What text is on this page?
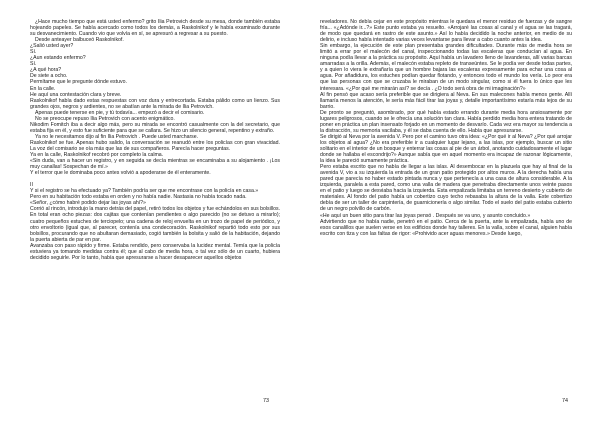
¿Hace mucho tiempo que está usted enfermo? grito Ilia Petrovich desde su mesa, donde también estaba hojeando papeles. Se había acercado como todos los demás, a Raskolnikof y le había examinado durante su desvanecimiento. Cuando vio que volvía en sí, se apresuró a regresar a su puesto.

Desde anteayer balbuceó Raskolnikof.

¿Salió usted ayer?

Sí.

¿Aun estando enfermo?

Sí.

¿A qué hora?

De siete a ocho.

Permítame que le pregunte dónde estuvo.

En la calle.

He aquí una contestación clara y breve.

Raskolnikof había dado estas respuestas con voz dura y entrecortada. Estaba pálido como un lienzo. Sus grandes ojos, negros y ardientes, no se abatían ante la mirada de Ilia Petrovich.

Apenas puede tenerse en pie, y tú todavía... empezó a decir el comisario.

No se preocupe repuso Ilia Petrovich con acento enigmático.

Nikodim Fomitch iba a decir algo más, pero su mirada se encontró casualmente con la del secretario, que estaba fija en él, y esto fue suficiente para que se callara. Se hizo un silencio general, repentino y extraño.

Ya no le necesitamos dijo al fin Ilia Petrovich . Puede usted marcharse.

Raskolnikof se fue. Apenas hubo salido, la conversación se reanudó entre los policías con gran vivacidad. La voz del comisario se oía más que las de sus compañeros. Parecía hacer preguntas.

Ya en la calle, Raskolnikof recobró por completo la calma.

«Sin duda, van a hacer un registro, y en seguida se decía mientras se encaminaba a su alojamiento . ¡Los muy canallas! Sospechan de mí.»

Y el terror que le dominaba poco antes volvió a apoderarse de él enteramente.

II

Y si el registro se ha efectuado ya? También podría ser que me encontrase con la policía en casa.»

Pero en su habitación todo estaba en orden y no había nadie. Nastasia no había tocado nada.

«Señor, ¿cómo habré podido dejar las joyas ahí?»

Corrió al rincón, introdujo la mano detrás del papel, retiró todos los objetos y fue echándolos en sus bolsillos. En total eran ocho piezas: dos cajitas que contenían pendientes o algo parecido (no se detuvo a mirarlo); cuatro pequeños estuches de terciopelo; una cadena de reloj envuelta en un trozo de papel de periódico, y otro envoltorio (igual que, al parecer, contenía una condecoración. Raskolnikof repartió todo esto por sus bolsillos, procurando que no abultaran demasiado, cogió también la bolsita y salió de la habitación, dejando la puerta abierta de par en par.

Avanzaba con paso rápido y firme. Estaba rendido, pero conservaba la lucidez mental. Temía que la policía estuviera ya tomando medidas contra él; que al cabo de media hora, o tal vez sólo de un cuarto, hubiera decidido seguirle. Por lo tanto, había que apresurarse a hacer desaparecer aquellos objetos

73

reveladores. No debía cejar en este propósito mientras le quedara el menor residuo de fuerzas y de sangre fría... «¿Adónde ir...?» Este punto estaba ya resuelto. «Arrojaré las cosas al canal y el agua se las tragará, de modo que quedará en rastro de este asunto.» Así lo había decidido la noche anterior, en medio de su delirio, e incluso había intentado varias veces levantarse para llevar a cabo cuanto antes la idea.

Sin embargo, la ejecución de este plan presentaba grandes dificultades. Durante más de media hora se limitó a errar por el malecón del canal, inspeccionando todas las escaleras que conducían al agua. En ninguna podía llevar a la práctica su propósito. Aquí había un lavadero lleno de lavanderas, allí varias barcas amarradas a la orilla. Además, el malecón estaba repleto de transeúntes. Se le podía ver desde todas partes, y a quien lo viera le extrañaría que un hombre bajara las escaleras expresamente para echar una cosa al agua. Por añadidura, los estuches podían quedar flotando, y entonces todo el mundo los vería. Lo peor era que las personas con que se cruzaba le miraban de un modo singular, como si él fuera lo único que les interesara. «¿Por qué me mirarán así? se decía . ¿O todo será obra de mi imaginación?»

Al fin pensó que acaso sería preferible que se dirigiera al Neva. En sus malecones había menos gente. Allí llamaría menos la atención, le sería más fácil tirar las joyas y, detalle importantísimo estaría más lejos de su barrio.

De pronto se preguntó, asombrado, por qué había estado errando durante media hora ansiosamente por lugares peligrosos, cuando se le ofrecía una solución tan clara. Había perdido media hora entera tratando de poner en práctica un plan insensato forjado en un momento de desvarío. Cada vez era mayor su tendencia a la distracción, su memoria vacilaba, y él se daba cuenta de ello. Había que apresurarse.

Se dirigió al Neva por la avenida V. Pero por el camino tuvo otra idea: «¿Por qué ir al Neva? ¿Por qué arrojar los objetos al agua? ¿No era preferible ir a cualquier lugar lejano, a las islas, por ejemplo, buscar un sitio solitario en el interior de un bosque y enterrar las cosas al pie de un árbol, anotando cuidadosamente el lugar donde se hallaba el escondrijo?» Aunque sabía que en aquel momento era incapaz de razonar lógicamente, la idea le pareció sumamente práctica.

Pero estaba escrito que no había de llegar a las islas. Al desembocar en la plazuela que hay al final de la avenida V, vio a su izquierda la entrada de un gran patio protegido por altos muros. A la derecha había una pared que parecía no haber estado pintada nunca y que pertenecía a una casa de altura considerable. A la izquierda, paralela a esta pared, como una valla de madera que penetraba directamente unos veinte pasos en el patio y luego se desviaba hacia la izquierda. Esta empalizada limitaba un terreno desierto y cubierto de materiales. Al fondo del patio había un cobertizo cuyo techo rebasaba la altura de la valla. Este cobertizo debía de ser un taller de carpintería, de guarnicionería o algo similar. Todo el suelo del patio estaba cubierto de un negro polvillo de carbón.

«He aquí un buen sitio para tirar las joyas pensó . Después se va uno, y asunto concluido.»

Advirtiendo que no había nadie, penetró en el patio. Cerca de la puerta, ante la empalizada, había uno de esos canalillos que suelen verse en los edificios donde hay talleres. En la valla, sobre el canal, alguien había escrito con tiza y con las faltas de rigor: «Prohivido acer aguas menores.» Desde luego,

74
